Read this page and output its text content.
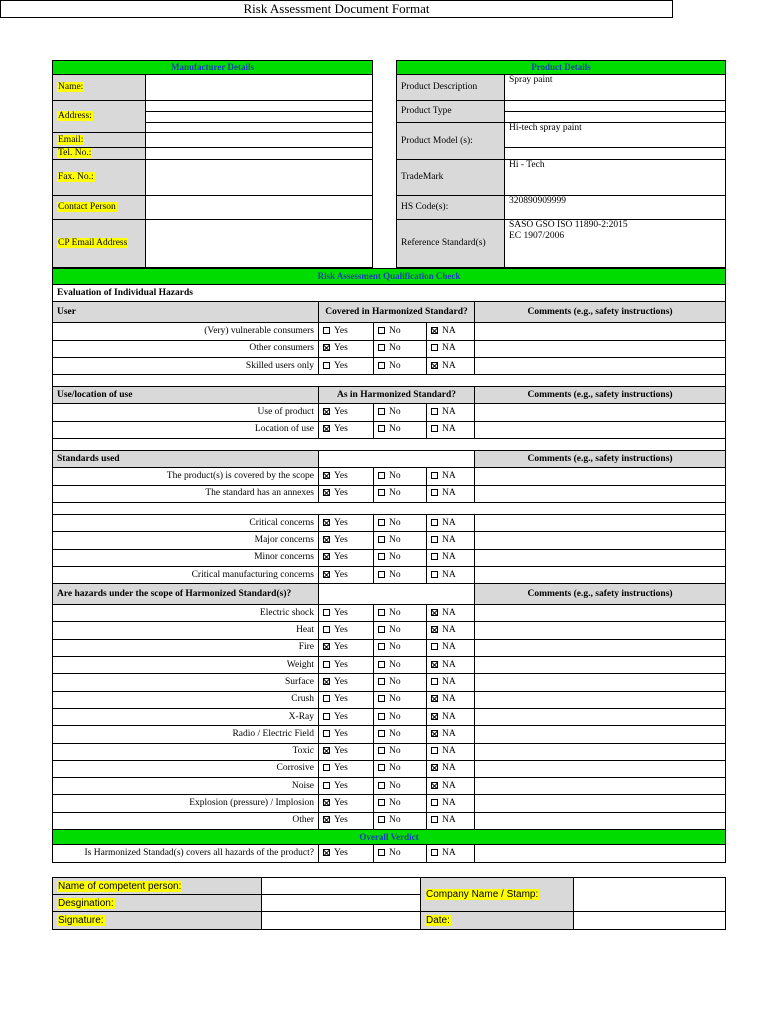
Risk Assessment Document Format
Manufacturer Details	
Name:	
Address:	

Email:	
Tel. No.:	
Fax. No.:	
Contact Person	
CP Email Address	
Product Details	
Product Description	Spray paint
Product Type	

Product Model (s):	Hi-tech spray paint

TradeMark	Hi - Tech
HS Code(s):	320890909999
Reference Standard(s)	SASO GSO ISO 11890-2:2015
EC 1907/2006
Risk Assessment Qualification Check				
Evaluation of Individual Hazards				
User	Covered in Harmonized Standard?			Comments (e.g., safety instructions)
(Very) vulnerable consumers	Yes	No	NA	
Other consumers	Yes	No	NA	
Skilled users only	Yes	No	NA	

Use/location of use	As in Harmonized Standard?			Comments (e.g., safety instructions)
Use of product	Yes	No	NA	
Location of use	Yes	No	NA	

Standards used				Comments (e.g., safety instructions)
The product(s) is covered by the scope	Yes	No	NA	
The standard has an annexes	Yes	No	NA	

Critical concerns	Yes	No	NA	
Major concerns	Yes	No	NA	
Minor concerns	Yes	No	NA	
Critical manufacturing concerns	Yes	No	NA	
Are hazards under the scope of Harmonized Standard(s)?				Comments (e.g., safety instructions)
Electric shock	Yes	No	NA	
Heat	Yes	No	NA	
Fire	Yes	No	NA	
Weight	Yes	No	NA	
Surface	Yes	No	NA	
Crush	Yes	No	NA	
X-Ray	Yes	No	NA	
Radio / Electric Field	Yes	No	NA	
Toxic	Yes	No	NA	
Corrosive	Yes	No	NA	
Noise	Yes	No	NA	
Explosion (pressure) / Implosion	Yes	No	NA	
Other	Yes	No	NA	
Overall Verdict				
Is Harmonized Standad(s) covers all hazards of the product?	Yes	No	NA	
Name of competent person:		Company Name / Stamp:	
Desgination:			
Signature:		Date:	
